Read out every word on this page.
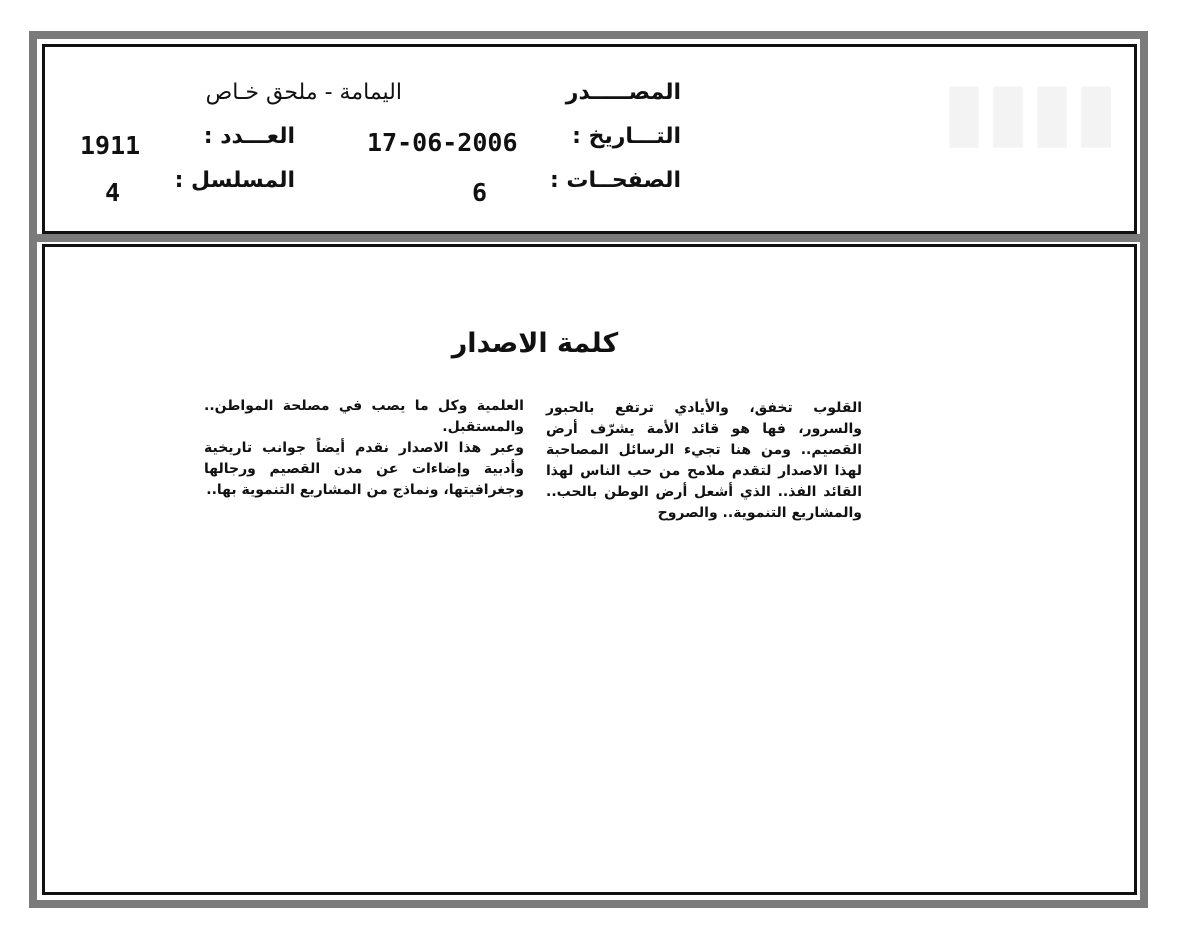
▮▮▮▮
المصـــــدر
اليمامة - ملحق خـاص
التـــاريخ :
17-06-2006
العـــدد :
1911
الصفحــات :
6
المسلسل :
4
كلمة الاصدار

القلوب تخفق، والأيادي ترتفع بالحبور والسرور، فها هو قائد الأمة يشرّف أرض القصيم.. ومن هنا تجيء الرسائل المصاحبة لهذا الاصدار لتقدم ملامح من حب الناس لهذا القائد الفذ.. الذي أشعل أرض الوطن بالحب.. والمشاريع التنموية.. والصروح

العلمية وكل ما يصب في مصلحة المواطن.. والمستقبل.

وعبر هذا الاصدار نقدم أيضاً جوانب تاريخية وأدبية وإضاءات عن مدن القصيم ورجالها وجغرافيتها، ونماذج من المشاريع التنموية بها..
